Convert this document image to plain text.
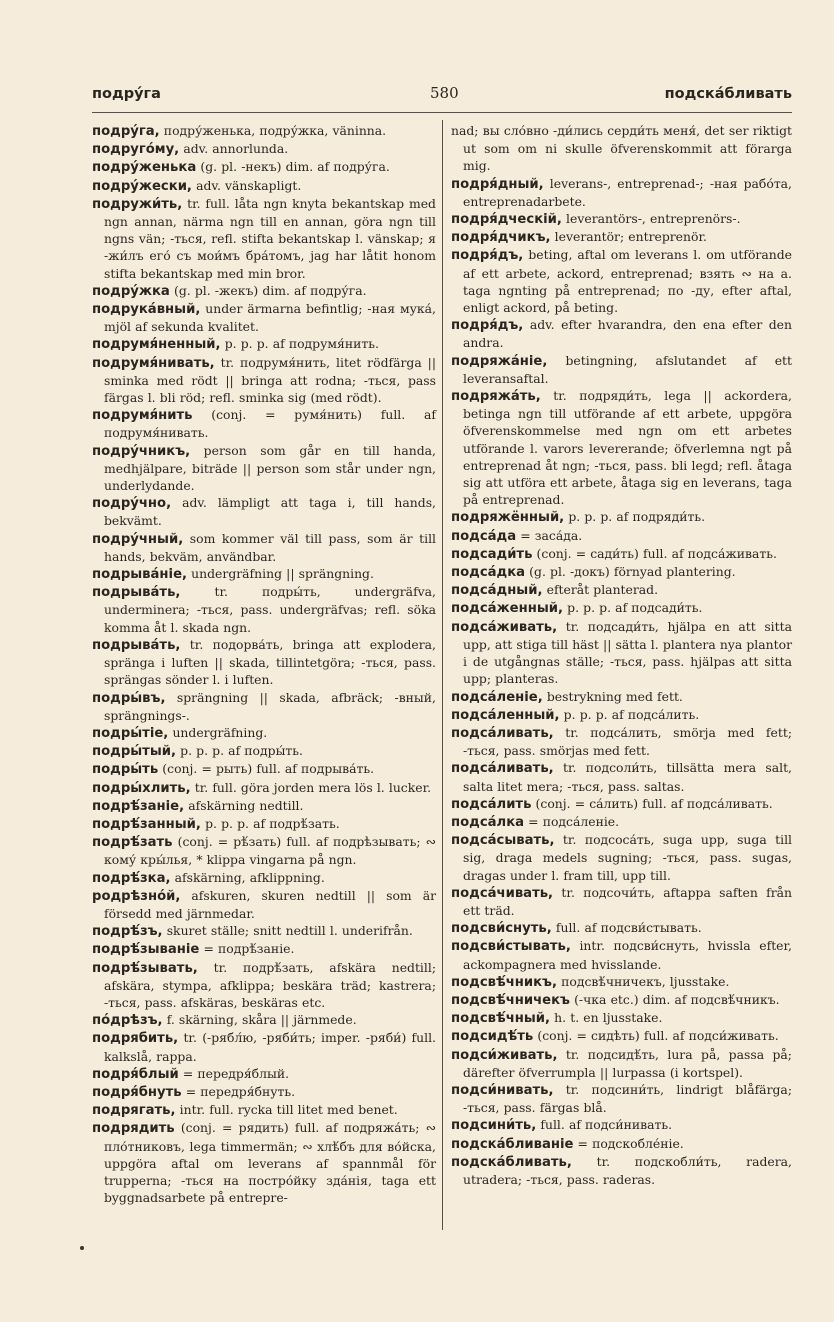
подру́га	580	подска́бливать

подру́га, подру́женька, подру́жка, väninna.

подруго́му, adv. annorlunda.

подру́женька (g. pl. -некъ) dim. af подру́га.

подру́жески, adv. vänskapligt.

подружи́ть, tr. full. låta ngn knyta bekantskap med ngn annan, närma ngn till en annan, göra ngn till ngns vän; -ться, refl. stifta bekantskap l. vänskap; я -жи́лъ его́ съ мои́мъ бра́томъ, jag har låtit honom stifta bekantskap med min bror.

подру́жка (g. pl. -жекъ) dim. af подру́га.

подрука́вный, under ärmarna befintlig; -ная мука́, mjöl af sekunda kvalitet.

подрумя́ненный, p. p. p. af подрумя́нить.

подрумя́нивать, tr. подрумя́нить, litet rödfärga || sminka med rödt || bringa att rodna; -ться, pass färgas l. bli röd; refl. sminka sig (med rödt).

подрумя́нить (conj. = румя́нить) full. af подрумя́нивать.

подру́чникъ, person som går en till handa, medhjälpare, biträde || person som står under ngn, underlydande.

подру́чно, adv. lämpligt att taga i, till hands, bekvämt.

подру́чный, som kommer väl till pass, som är till hands, bekväm, användbar.

подрыва́ніе, undergräfning || sprängning.

подрыва́ть, tr. подры́ть, undergräfva, underminera; -ться, pass. undergräfvas; refl. söka komma åt l. skada ngn.

подрыва́ть, tr. подорва́ть, bringa att explodera, spränga i luften || skada, tillintetgöra; -ться, pass. sprängas sönder l. i luften.

подры́въ, sprängning || skada, afbräck; -вный, sprängnings-.

подры́тіе, undergräfning.

подры́тый, p. p. p. af подры́ть.

подры́ть (conj. = рыть) full. af подрыва́ть.

подры́хлить, tr. full. göra jorden mera lös l. lucker.

подрѣ́заніе, afskärning nedtill.

подрѣ́занный, p. p. p. af подрѣ́зать.

подрѣ́зать (conj. = рѣ́зать) full. af подрѣзывать; ∾ кому́ кры́лья, * klippa vingarna på ngn.

подрѣ́зка, afskärning, afklippning.

родрѣзно́й, afskuren, skuren nedtill || som är försedd med järnmedar.

подрѣ́зъ, skuret ställe; snitt nedtill l. underifrån.

подрѣ́зываніе = подрѣ́заніе.

подрѣ́зывать, tr. подрѣ́зать, afskära nedtill; afskära, stympa, afklippa; beskära träd; kastrera; -ться, pass. afskäras, beskäras etc.

по́дрѣзъ, f. skärning, skåra || järnmede.

подрябить, tr. (-рябл́ю, -ряби́ть; imper. -ряби́) full. kalkslå, rappa.

подря́блый = передря́блый.

подря́бнуть = передря́бнуть.

подрягать, intr. full. rycka till litet med benet.

подрядить (conj. = рядить) full. af подряжа́ть; ∾ пло́тниковъ, lega timmermän; ∾ хлѣ́бъ для во́йска, uppgöra aftal om leverans af spannmål för trupperna; -ться на постро́йку зда́нія, taga ett byggnadsarbete på entrepre-

nad; вы сло́вно -ди́лись серди́ть меня́, det ser riktigt ut som om ni skulle öfverenskommit att förarga mig.

подря́дный, leverans-, entreprenad-; -ная рабо́та, entreprenadarbete.

подря́дческій, leverantörs-, entreprenörs-.

подря́дчикъ, leverantör; entreprenör.

подря́дъ, beting, aftal om leverans l. om utförande af ett arbete, ackord, entreprenad; взять ∾ на а. taga ngnting på entreprenad; по -ду, efter aftal, enligt ackord, på beting.

подря́дъ, adv. efter hvarandra, den ena efter den andra.

подряжа́ніе, betingning, afslutandet af ett leveransaftal.

подряжа́ть, tr. подряди́ть, lega || ackordera, betinga ngn till utförande af ett arbete, uppgöra öfverenskommelse med ngn om ett arbetes utförande l. varors levererande; öfverlemna ngt på entreprenad åt ngn; -ться, pass. bli legd; refl. åtaga sig att utföra ett arbete, åtaga sig en leverans, taga på entreprenad.

подряжённый, p. p. p. af подряди́ть.

подса́да = заса́да.

подсади́ть (conj. = сади́ть) full. af подса́живать.

подса́дка (g. pl. -докъ) förnyad plantering.

подса́дный, efteråt planterad.

подса́женный, p. p. p. af подсади́ть.

подса́живать, tr. подсади́ть, hjälpa en att sitta upp, att stiga till häst || sätta l. plantera nya plantor i de utgångnas ställe; -ться, pass. hjälpas att sitta upp; planteras.

подса́леніе, bestrykning med fett.

подса́ленный, p. p. p. af подса́лить.

подса́ливать, tr. подса́лить, smörja med fett; -ться, pass. smörjas med fett.

подса́ливать, tr. подсоли́ть, tillsätta mera salt, salta litet mera; -ться, pass. saltas.

подса́лить (conj. = са́лить) full. af подса́ливать.

подса́лка = подса́леніе.

подса́сывать, tr. подсоса́ть, suga upp, suga till sig, draga medels sugning; -ться, pass. sugas, dragas under l. fram till, upp till.

подса́чивать, tr. подсочи́ть, aftappa saften från ett träd.

подсви́снуть, full. af подсви́стывать.

подсви́стывать, intr. подсви́снуть, hvissla efter, ackompagnera med hvisslande.

подсвѣ́чникъ, подсвѣ́чничекъ, ljusstake.

подсвѣ́чничекъ (-чка etc.) dim. af подсвѣ́чникъ.

подсвѣ́чный, h. t. en ljusstake.

подсидѣ́ть (conj. = сидѣть) full. af подси́живать.

подси́живать, tr. подсидѣ́ть, lura på, passa på; därefter öfverrumpla || lurpassa (i kortspel).

подси́нивать, tr. подсини́ть, lindrigt blåfärga; -ться, pass. färgas blå.

подсини́ть, full. af подси́нивать.

подска́бливаніе = подскобле́ніе.

подска́бливать, tr. подскобли́ть, radera, utradera; -ться, pass. raderas.
